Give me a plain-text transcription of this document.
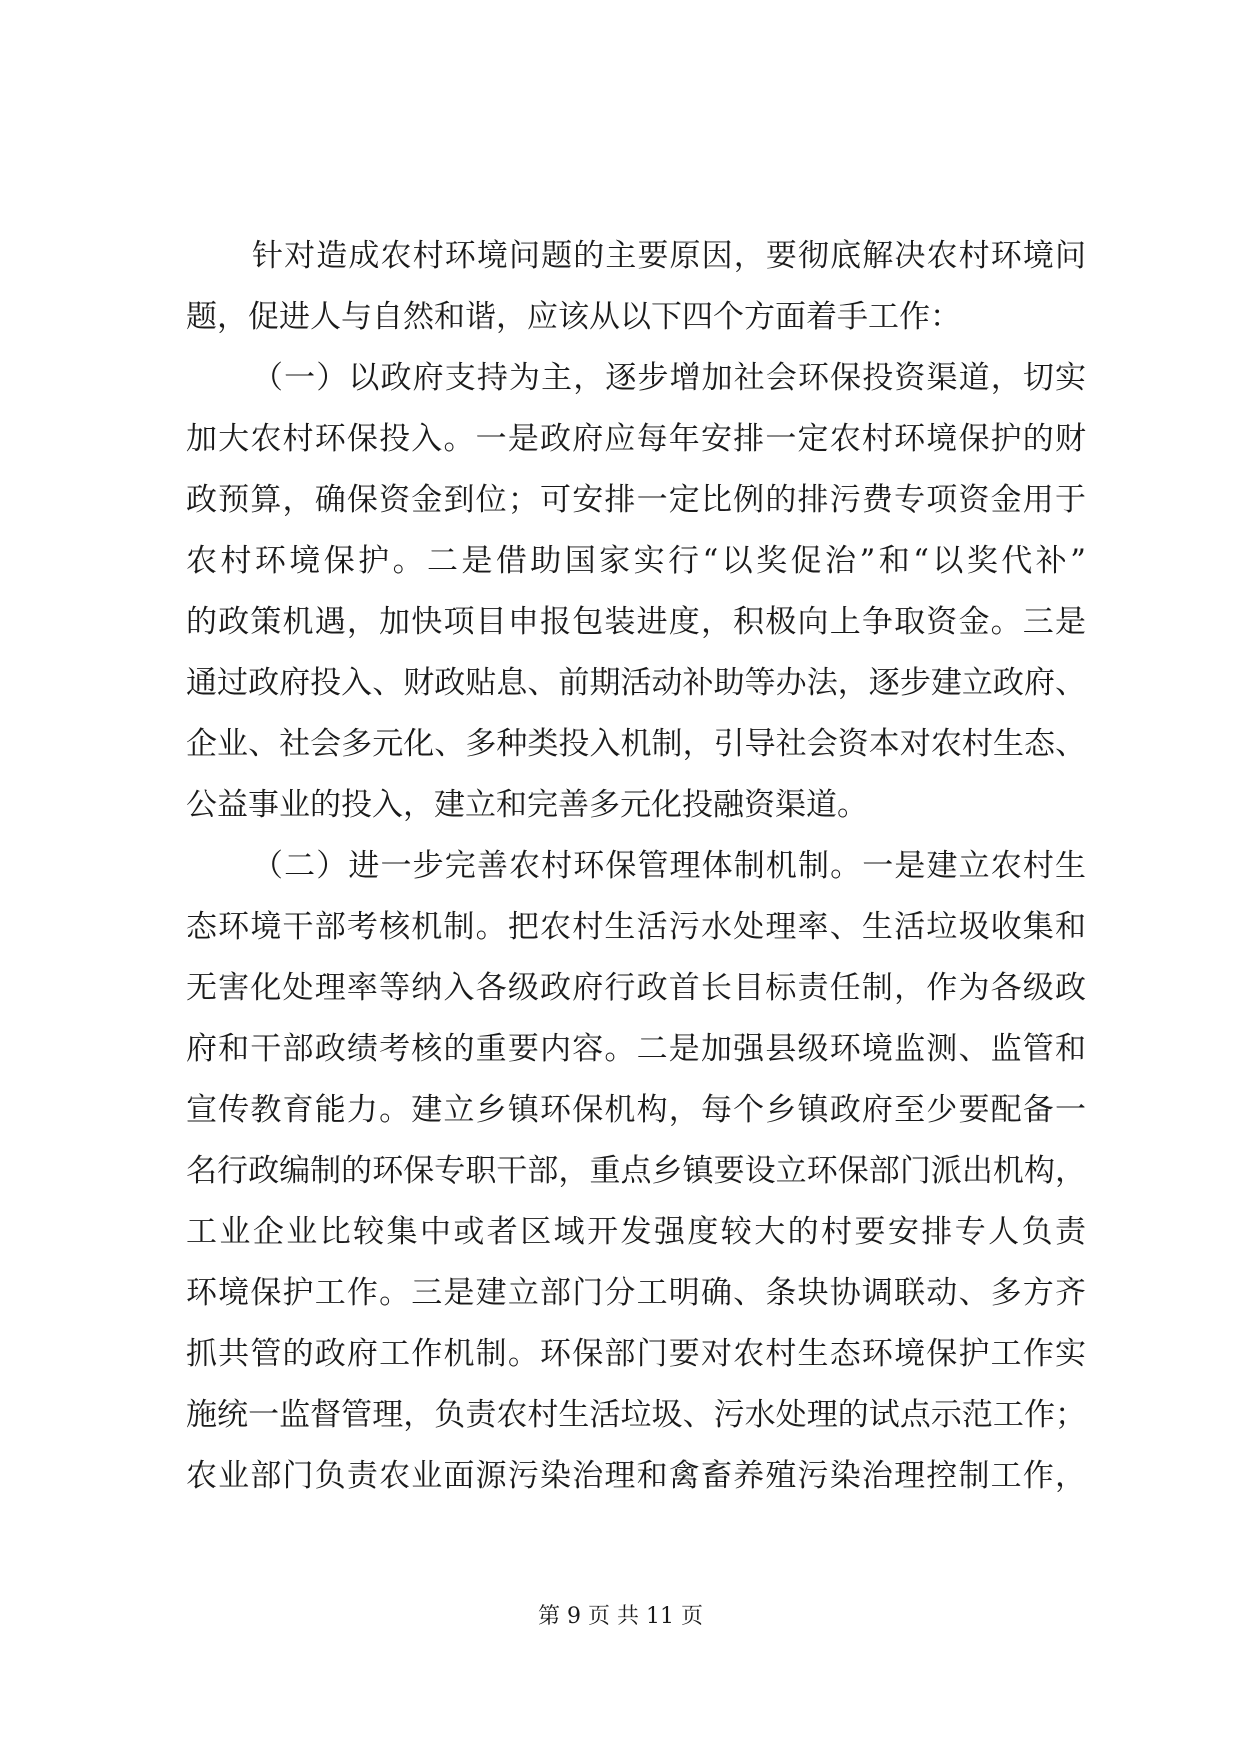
针对造成农村环境问题的主要原因，要彻底解决农村环境问
题，促进人与自然和谐，应该从以下四个方面着手工作：
（一）以政府支持为主，逐步增加社会环保投资渠道，切实
加大农村环保投入。一是政府应每年安排一定农村环境保护的财
政预算，确保资金到位；可安排一定比例的排污费专项资金用于
农村环境保护。二是借助国家实行“以奖促治”和“以奖代补”
的政策机遇，加快项目申报包装进度，积极向上争取资金。三是
通过政府投入、财政贴息、前期活动补助等办法，逐步建立政府、
企业、社会多元化、多种类投入机制，引导社会资本对农村生态、
公益事业的投入，建立和完善多元化投融资渠道。
（二）进一步完善农村环保管理体制机制。一是建立农村生
态环境干部考核机制。把农村生活污水处理率、生活垃圾收集和
无害化处理率等纳入各级政府行政首长目标责任制，作为各级政
府和干部政绩考核的重要内容。二是加强县级环境监测、监管和
宣传教育能力。建立乡镇环保机构，每个乡镇政府至少要配备一
名行政编制的环保专职干部，重点乡镇要设立环保部门派出机构，
工业企业比较集中或者区域开发强度较大的村要安排专人负责
环境保护工作。三是建立部门分工明确、条块协调联动、多方齐
抓共管的政府工作机制。环保部门要对农村生态环境保护工作实
施统一监督管理，负责农村生活垃圾、污水处理的试点示范工作；
农业部门负责农业面源污染治理和禽畜养殖污染治理控制工作，
第 9 页 共 11 页
